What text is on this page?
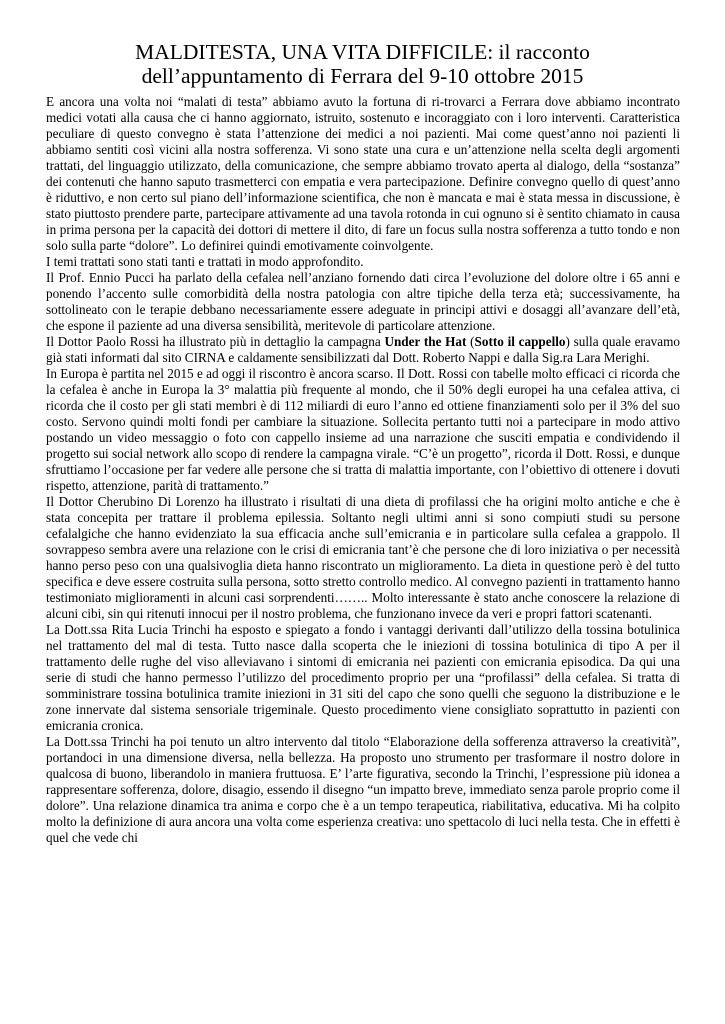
MALDITESTA, UNA VITA DIFFICILE: il racconto
dell’appuntamento di Ferrara del 9-10 ottobre 2015

E ancora una volta noi “malati di testa” abbiamo avuto la fortuna di ri-trovarci a Ferrara dove abbiamo incontrato medici votati alla causa che ci hanno aggiornato, istruito, sostenuto e incoraggiato con i loro interventi. Caratteristica peculiare di questo convegno è stata l’attenzione dei medici a noi pazienti. Mai come quest’anno noi pazienti li abbiamo sentiti così vicini alla nostra sofferenza. Vi sono state una cura e un’attenzione nella scelta degli argomenti trattati, del linguaggio utilizzato, della comunicazione, che sempre abbiamo trovato aperta al dialogo, della “sostanza” dei contenuti che hanno saputo trasmetterci con empatia e vera partecipazione. Definire convegno quello di quest’anno è riduttivo, e non certo sul piano dell’informazione scientifica, che non è mancata e mai è stata messa in discussione, è stato piuttosto prendere parte, partecipare attivamente ad una tavola rotonda in cui ognuno si è sentito chiamato in causa in prima persona per la capacità dei dottori di mettere il dito, di fare un focus sulla nostra sofferenza a tutto tondo e non solo sulla parte “dolore”. Lo definirei quindi emotivamente coinvolgente.

I temi trattati sono stati tanti e trattati in modo approfondito.

Il Prof. Ennio Pucci ha parlato della cefalea nell’anziano fornendo dati circa l’evoluzione del dolore oltre i 65 anni e ponendo l’accento sulle comorbidità della nostra patologia con altre tipiche della terza età; successivamente, ha sottolineato con le terapie debbano necessariamente essere adeguate in principi attivi e dosaggi all’avanzare dell’età, che espone il paziente ad una diversa sensibilità, meritevole di particolare attenzione.

Il Dottor Paolo Rossi ha illustrato più in dettaglio la campagna Under the Hat (Sotto il cappello) sulla quale eravamo già stati informati dal sito CIRNA e caldamente sensibilizzati dal Dott. Roberto Nappi e dalla Sig.ra Lara Merighi.

In Europa è partita nel 2015 e ad oggi il riscontro è ancora scarso. Il Dott. Rossi con tabelle molto efficaci ci ricorda che la cefalea è anche in Europa la 3° malattia più frequente al mondo, che il 50% degli europei ha una cefalea attiva, ci ricorda che il costo per gli stati membri è di 112 miliardi di euro l’anno ed ottiene finanziamenti solo per il 3% del suo costo. Servono quindi molti fondi per cambiare la situazione. Sollecita pertanto tutti noi a partecipare in modo attivo postando un video messaggio o foto con cappello insieme ad una narrazione che susciti empatia e condividendo il progetto sui social network allo scopo di rendere la campagna virale. “C’è un progetto”, ricorda il Dott. Rossi, e dunque sfruttiamo l’occasione per far vedere alle persone che si tratta di malattia importante, con l’obiettivo di ottenere i dovuti rispetto, attenzione, parità di trattamento.”

Il Dottor Cherubino Di Lorenzo ha illustrato i risultati di una dieta di profilassi che ha origini molto antiche e che è stata concepita per trattare il problema epilessia. Soltanto negli ultimi anni si sono compiuti studi su persone cefalalgiche che hanno evidenziato la sua efficacia anche sull’emicrania e in particolare sulla cefalea a grappolo. Il sovrappeso sembra avere una relazione con le crisi di emicrania tant’è che persone che di loro iniziativa o per necessità hanno perso peso con una qualsivoglia dieta hanno riscontrato un miglioramento. La dieta in questione però è del tutto specifica e deve essere costruita sulla persona, sotto stretto controllo medico. Al convegno pazienti in trattamento hanno testimoniato miglioramenti in alcuni casi sorprendenti…….. Molto interessante è stato anche conoscere la relazione di alcuni cibi, sin qui ritenuti innocui per il nostro problema, che funzionano invece da veri e propri fattori scatenanti.

La Dott.ssa Rita Lucia Trinchi ha esposto e spiegato a fondo i vantaggi derivanti dall’utilizzo della tossina botulinica nel trattamento del mal di testa. Tutto nasce dalla scoperta che le iniezioni di tossina botulinica di tipo A per il trattamento delle rughe del viso alleviavano i sintomi di emicrania nei pazienti con emicrania episodica. Da qui una serie di studi che hanno permesso l’utilizzo del procedimento proprio per una “profilassi” della cefalea. Si tratta di somministrare tossina botulinica tramite iniezioni in 31 siti del capo che sono quelli che seguono la distribuzione e le zone innervate dal sistema sensoriale trigeminale. Questo procedimento viene consigliato soprattutto in pazienti con emicrania cronica.

La Dott.ssa Trinchi ha poi tenuto un altro intervento dal titolo “Elaborazione della sofferenza attraverso la creatività”, portandoci in una dimensione diversa, nella bellezza. Ha proposto uno strumento per trasformare il nostro dolore in qualcosa di buono, liberandolo in maniera fruttuosa. E’ l’arte figurativa, secondo la Trinchi, l’espressione più idonea a rappresentare sofferenza, dolore, disagio, essendo il disegno “un impatto breve, immediato senza parole proprio come il dolore”. Una relazione dinamica tra anima e corpo che è a un tempo terapeutica, riabilitativa, educativa. Mi ha colpito molto la definizione di aura ancora una volta come esperienza creativa: uno spettacolo di luci nella testa. Che in effetti è quel che vede chi
